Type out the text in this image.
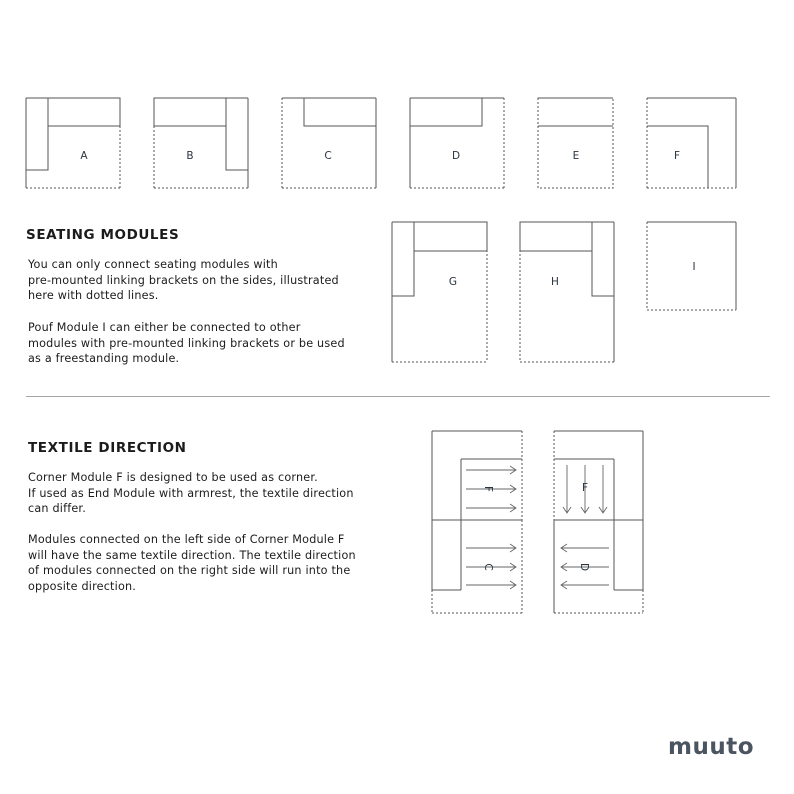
A	B	C	D	E	F
G	H
I
F
C
F
D
SEATING MODULES
You can only connect seating modules with
pre-mounted linking brackets on the sides, illustrated
here with dotted lines.
Pouf Module I can either be connected to other
modules with pre-mounted linking brackets or be used
as a freestanding module.
TEXTILE DIRECTION
Corner Module F is designed to be used as corner.
If used as End Module with armrest, the textile direction
can differ.
Modules connected on the left side of Corner Module F
will have the same textile direction. The textile direction
of modules connected on the right side will run into the
opposite direction.
muuto
